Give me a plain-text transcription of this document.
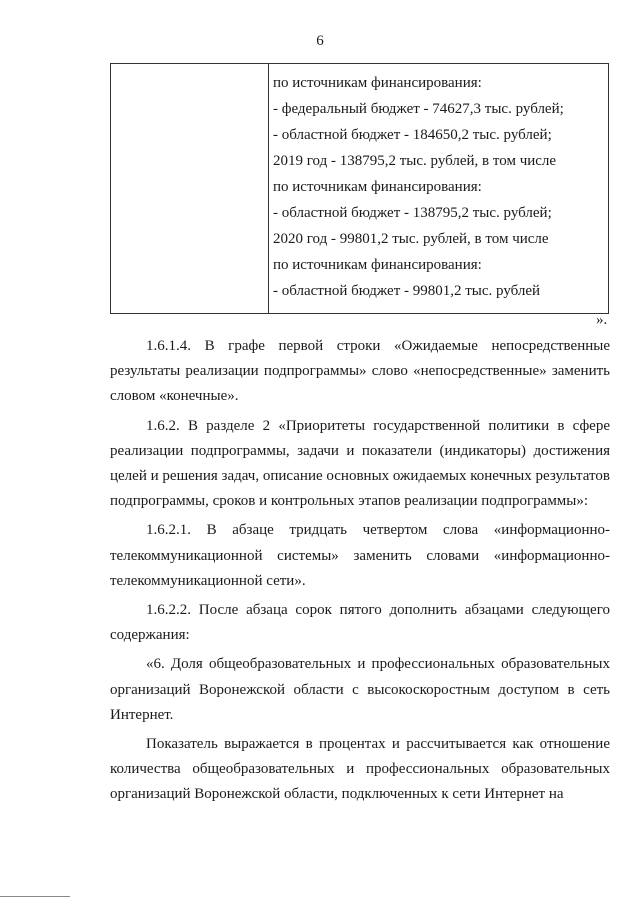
6
по источникам финансирования:
- федеральный бюджет - 74627,3 тыс. рублей;
- областной бюджет - 184650,2 тыс. рублей;
2019 год - 138795,2 тыс. рублей, в том числе
по источникам финансирования:
- областной бюджет - 138795,2 тыс. рублей;
2020 год - 99801,2 тыс. рублей, в том числе
по источникам финансирования:
- областной бюджет - 99801,2 тыс. рублей
».

1.6.1.4. В графе первой строки «Ожидаемые непосредственные результаты реализации подпрограммы» слово «непосредственные» заменить словом «конечные».

1.6.2. В разделе 2 «Приоритеты государственной политики в сфере реализации подпрограммы, задачи и показатели (индикаторы) достижения целей и решения задач, описание основных ожидаемых конечных результатов подпрограммы, сроков и контрольных этапов реализации подпрограммы»:

1.6.2.1. В абзаце тридцать четвертом слова «информационно-телекоммуникационной системы» заменить словами «информационно-телекоммуникационной сети».

1.6.2.2. После абзаца сорок пятого дополнить абзацами следующего содержания:

«6. Доля общеобразовательных и профессиональных образовательных организаций Воронежской области с высокоскоростным доступом в сеть Интернет.

Показатель выражается в процентах и рассчитывается как отношение количества общеобразовательных и профессиональных образовательных организаций Воронежской области, подключенных к сети Интернет на
